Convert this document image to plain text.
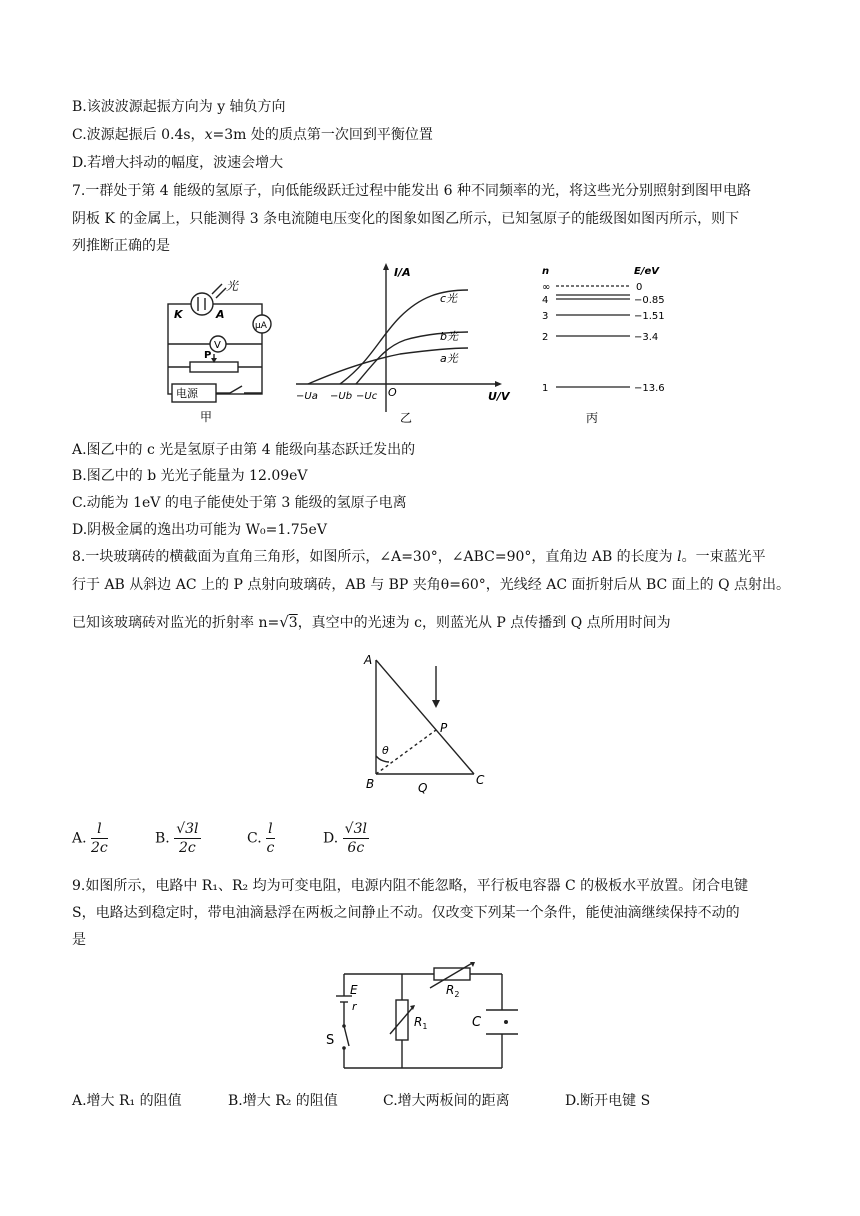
B.该波波源起振方向为 y 轴负方向
C.波源起振后 0.4s，x=3m 处的质点第一次回到平衡位置
D.若增大抖动的幅度，波速会增大
7.一群处于第 4 能级的氢原子，向低能级跃迁过程中能发出 6 种不同频率的光，将这些光分别照射到图甲电路
阴板 K 的金属上，只能测得 3 条电流随电压变化的图象如图乙所示，已知氢原子的能级图如图丙所示，则下
列推断正确的是
光
K	A
V
μA
P
电源
甲
I/A
U/V
O
c光
b光
a光
−Ua −Ub −Uc
乙
n	E/eV
∞	0
4	−0.85
3	−1.51
2	−3.4
1	−13.6
丙
A.图乙中的 c 光是氢原子由第 4 能级向基态跃迁发出的
B.图乙中的 b 光光子能量为 12.09eV
C.动能为 1eV 的电子能使处于第 3 能级的氢原子电离
D.阴极金属的逸出功可能为 W₀=1.75eV
8.一块玻璃砖的横截面为直角三角形，如图所示，∠A=30°，∠ABC=90°，直角边 AB 的长度为 l。一束蓝光平
行于 AB 从斜边 AC 上的 P 点射向玻璃砖，AB 与 BP 夹角θ=60°，光线经 AC 面折射后从 BC 面上的 Q 点射出。
已知该玻璃砖对监光的折射率 n=√3，真空中的光速为 c，则蓝光从 P 点传播到 Q 点所用时间为
A
B	C
P
Q
θ
A. $\frac{l}{2c}$	B. $\frac{√3l}{2c}$	C. $\frac{l}{c}$	D. $\frac{√3l}{6c}$
9.如图所示，电路中 R₁、R₂ 均为可变电阻，电源内阻不能忽略，平行板电容器 C 的极板水平放置。闭合电键
S，电路达到稳定时，带电油滴悬浮在两板之间静止不动。仅改变下列某一个条件，能使油滴继续保持不动的
是
E
r
S
$R_1$
$R_2$
C
A.增大 R₁ 的阻值	B.增大 R₂ 的阻值	C.增大两板间的距离	D.断开电键 S
